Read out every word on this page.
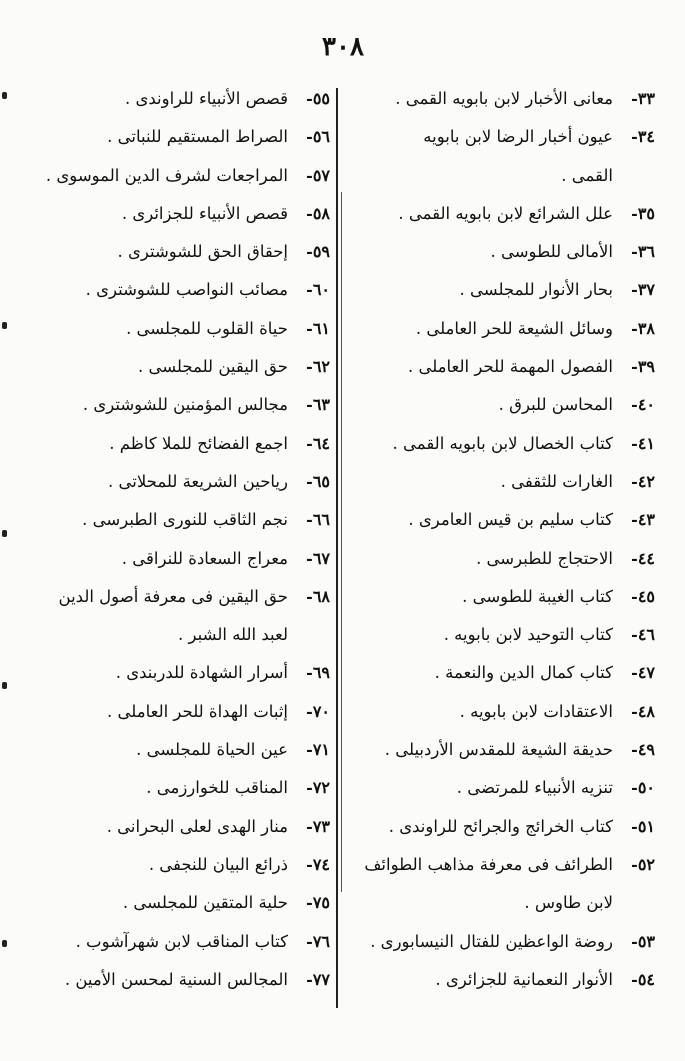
٣٠٨
٣٣-معانى الأخبار لابن بابويه القمى .
٣٤-عيون أخبار الرضا لابن بابويه
القمى .
٣٥-علل الشرائع لابن بابويه القمى .
٣٦-الأمالى للطوسى .
٣٧-بحار الأنوار للمجلسى .
٣٨-وسائل الشيعة للحر العاملى .
٣٩-الفصول المهمة للحر العاملى .
٤٠-المحاسن للبرق .
٤١-كتاب الخصال لابن بابويه القمى .
٤٢-الغارات للثقفى .
٤٣-كتاب سليم بن قيس العامرى .
٤٤-الاحتجاج للطبرسى .
٤٥-كتاب الغيبة للطوسى .
٤٦-كتاب التوحيد لابن بابويه .
٤٧-كتاب كمال الدين والنعمة .
٤٨-الاعتقادات لابن بابويه .
٤٩-حديقة الشيعة للمقدس الأردبيلى .
٥٠-تنزيه الأنبياء للمرتضى .
٥١-كتاب الخرائج والجرائح للراوندى .
٥٢-الطرائف فى معرفة مذاهب الطوائف
لابن طاوس .
٥٣-روضة الواعظين للفتال النيسابورى .
٥٤-الأنوار النعمانية للجزائرى .
٥٥-قصص الأنبياء للراوندى .
٥٦-الصراط المستقيم للنباتى .
٥٧-المراجعات لشرف الدين الموسوى .
٥٨-قصص الأنبياء للجزائرى .
٥٩-إحقاق الحق للشوشترى .
٦٠-مصائب النواصب للشوشترى .
٦١-حياة القلوب للمجلسى .
٦٢-حق اليقين للمجلسى .
٦٣-مجالس المؤمنين للشوشترى .
٦٤-اجمع الفضائح للملا كاظم .
٦٥-رياحين الشريعة للمحلاتى .
٦٦-نجم الثاقب للنورى الطبرسى .
٦٧-معراج السعادة للنراقى .
٦٨-حق اليقين فى معرفة أصول الدين
لعبد الله الشبر .
٦٩-أسرار الشهادة للدربندى .
٧٠-إثبات الهداة للحر العاملى .
٧١-عين الحياة للمجلسى .
٧٢-المناقب للخوارزمى .
٧٣-منار الهدى لعلى البحرانى .
٧٤-ذرائع البيان للنجفى .
٧٥-حلية المتقين للمجلسى .
٧٦-كتاب المناقب لابن شهرآشوب .
٧٧-المجالس السنية لمحسن الأمين .
